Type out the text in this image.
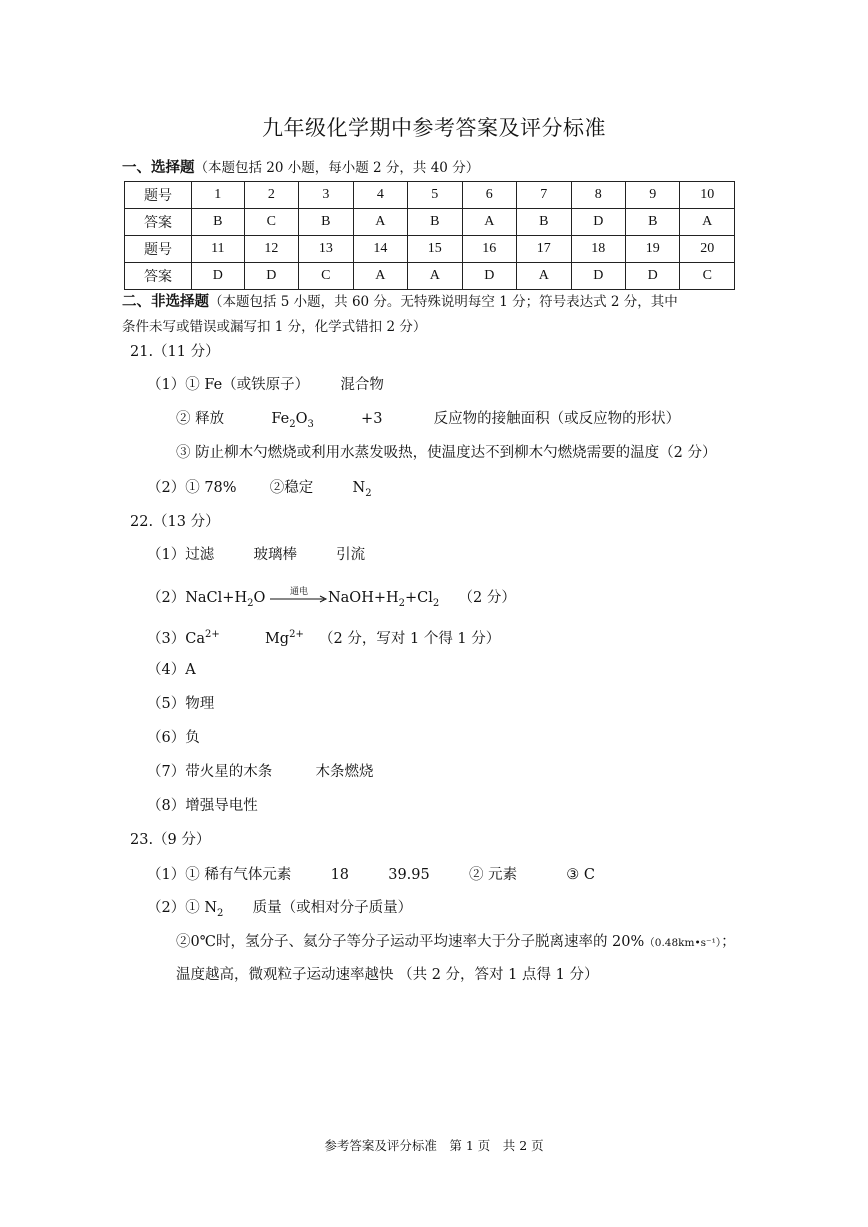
九年级化学期中参考答案及评分标准
一、选择题（本题包括 20 小题，每小题 2 分，共 40 分）
题号	1	2	3	4	5	6	7	8	9	10
答案	B	C	B	A	B	A	B	D	B	A
题号	11	12	13	14	15	16	17	18	19	20
答案	D	D	C	A	A	D	A	D	D	C
二、非选择题（本题包括 5 小题，共 60 分。无特殊说明每空 1 分；符号表达式 2 分，其中
条件未写或错误或漏写扣 1 分，化学式错扣 2 分）
21.（11 分）
（1）① Fe（或铁原子） 混合物
② 释放	$Fe_2O_3$	+3	反应物的接触面积（或反应物的形状）
③ 防止柳木勺燃烧或利用水蒸发吸热，使温度达不到柳木勺燃烧需要的温度（2 分）
（2）① 78% ②稳定	$N_2$
22.（13 分）
（1）过滤	玻璃棒	引流
$(2)NaCl+H_2O$	通电	$NaOH+H_2+Cl_2$ （2 分）
$(3)Ca^{2+}$	$Mg^{2+}$ （2 分，写对 1 个得 1 分）
（4）A
（5）物理
（6）负
（7）带火星的木条	木条燃烧
（8）增强导电性
23.（9 分）
（1）① 稀有气体元素	18	39.95	② 元素	③ C
（2）① $N_2$ 质量（或相对分子质量）
②0℃时，氢分子、氦分子等分子运动平均速率大于分子脱离速率的 20%（0.48km•s⁻¹）；
温度越高，微观粒子运动速率越快 （共 2 分，答对 1 点得 1 分）
参考答案及评分标准　第 1 页　共 2 页
